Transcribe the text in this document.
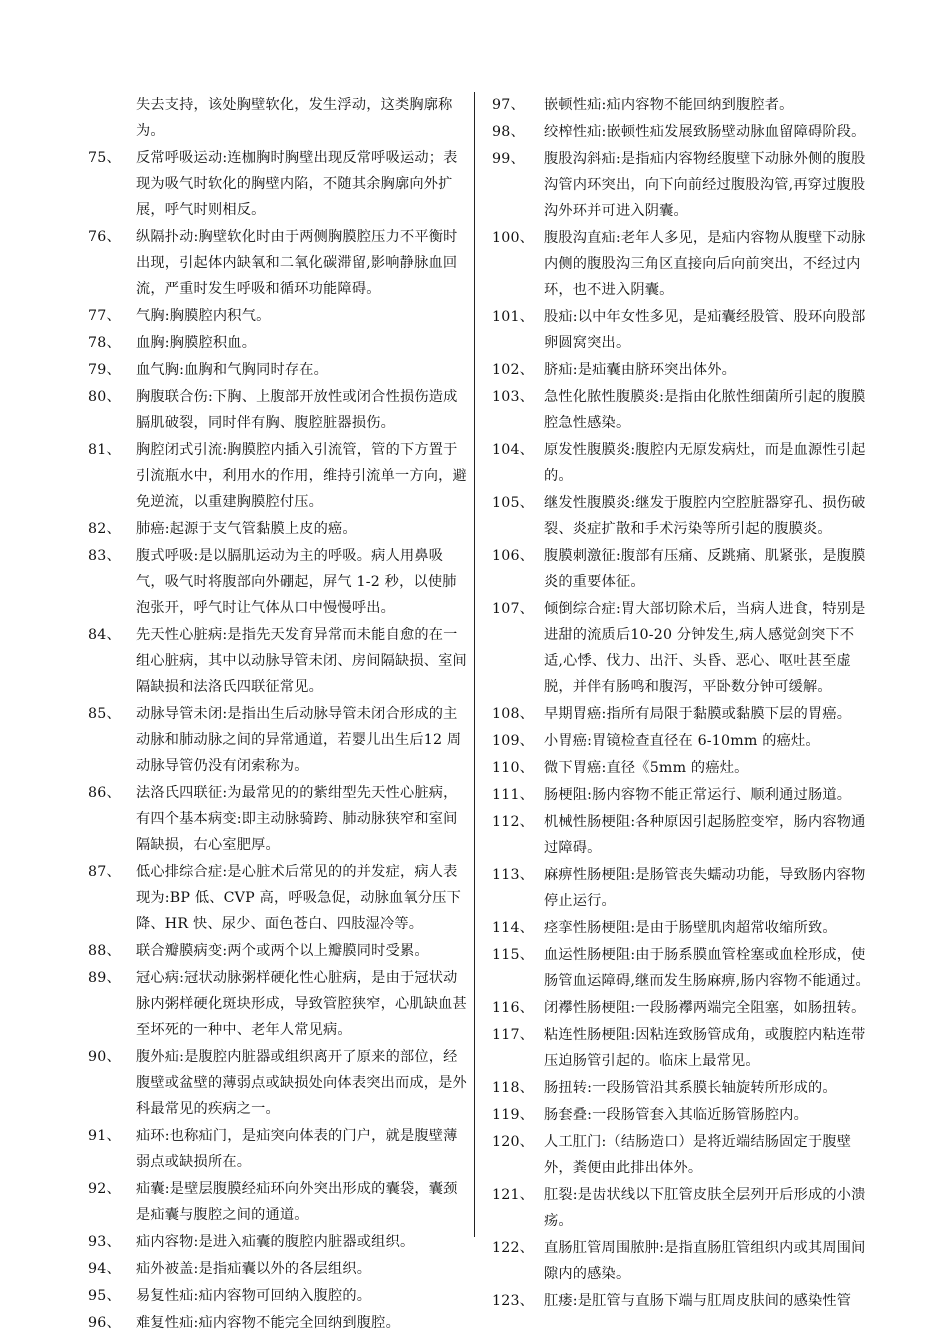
失去支持，该处胸壁软化，发生浮动，这类胸廓称为。
75、 反常呼吸运动:连枷胸时胸壁出现反常呼吸运动；表现为吸气时软化的胸壁内陷，不随其余胸廓向外扩展，呼气时则相反。
76、 纵隔扑动:胸壁软化时由于两侧胸膜腔压力不平衡时出现，引起体内缺氧和二氧化碳滞留,影响静脉血回流，严重时发生呼吸和循环功能障碍。
77、 气胸:胸膜腔内积气。
78、 血胸:胸膜腔积血。
79、 血气胸:血胸和气胸同时存在。
80、 胸腹联合伤:下胸、上腹部开放性或闭合性损伤造成膈肌破裂，同时伴有胸、腹腔脏器损伤。
81、 胸腔闭式引流:胸膜腔内插入引流管，管的下方置于引流瓶水中，利用水的作用，维持引流单一方向，避免逆流，以重建胸膜腔付压。
82、 肺癌:起源于支气管黏膜上皮的癌。
83、 腹式呼吸:是以膈肌运动为主的呼吸。病人用鼻吸气，吸气时将腹部向外硼起，屏气 1-2 秒，以使肺泡张开，呼气时让气体从口中慢慢呼出。
84、 先天性心脏病:是指先天发育异常而未能自愈的在一组心脏病，其中以动脉导管未闭、房间隔缺损、室间隔缺损和法洛氏四联征常见。
85、 动脉导管未闭:是指出生后动脉导管未闭合形成的主动脉和肺动脉之间的异常通道，若婴儿出生后12 周动脉导管仍没有闭索称为。
86、 法洛氏四联征:为最常见的的紫绀型先天性心脏病，有四个基本病变:即主动脉骑跨、肺动脉狭窄和室间隔缺损，右心室肥厚。
87、 低心排综合症:是心脏术后常见的的并发症，病人表现为:BP 低、CVP 高，呼吸急促，动脉血氧分压下降、HR 快、尿少、面色苍白、四肢湿冷等。
88、 联合瓣膜病变:两个或两个以上瓣膜同时受累。
89、 冠心病:冠状动脉粥样硬化性心脏病，是由于冠状动脉内粥样硬化斑块形成，导致管腔狭窄，心肌缺血甚至坏死的一种中、老年人常见病。
90、 腹外疝:是腹腔内脏器或组织离开了原来的部位，经腹壁或盆壁的薄弱点或缺损处向体表突出而成，是外科最常见的疾病之一。
91、 疝环:也称疝门，是疝突向体表的门户，就是腹壁薄弱点或缺损所在。
92、 疝囊:是壁层腹膜经疝环向外突出形成的囊袋，囊颈是疝囊与腹腔之间的通道。
93、 疝内容物:是进入疝囊的腹腔内脏器或组织。
94、 疝外被盖:是指疝囊以外的各层组织。
95、 易复性疝:疝内容物可回纳入腹腔的。
96、 难复性疝:疝内容物不能完全回纳到腹腔。
97、 嵌顿性疝:疝内容物不能回纳到腹腔者。
98、 绞榨性疝:嵌顿性疝发展致肠壁动脉血留障碍阶段。
99、 腹股沟斜疝:是指疝内容物经腹壁下动脉外侧的腹股沟管内环突出，向下向前经过腹股沟管,再穿过腹股沟外环并可进入阴囊。
100、 腹股沟直疝:老年人多见，是疝内容物从腹壁下动脉内侧的腹股沟三角区直接向后向前突出，不经过内环，也不进入阴囊。
101、 股疝:以中年女性多见，是疝囊经股管、股环向股部卵圆窝突出。
102、 脐疝:是疝囊由脐环突出体外。
103、 急性化脓性腹膜炎:是指由化脓性细菌所引起的腹膜腔急性感染。
104、 原发性腹膜炎:腹腔内无原发病灶，而是血源性引起的。
105、 继发性腹膜炎:继发于腹腔内空腔脏器穿孔、损伤破裂、炎症扩散和手术污染等所引起的腹膜炎。
106、 腹膜刺激征:腹部有压痛、反跳痛、肌紧张，是腹膜炎的重要体征。
107、 倾倒综合症:胃大部切除术后，当病人进食，特别是进甜的流质后10-20 分钟发生,病人感觉剑突下不适,心悸、伐力、出汗、头昏、恶心、呕吐甚至虚脱，并伴有肠鸣和腹泻，平卧数分钟可缓解。
108、 早期胃癌:指所有局限于黏膜或黏膜下层的胃癌。
109、 小胃癌:胃镜检查直径在 6-10mm 的癌灶。
110、 微下胃癌:直径《5mm 的癌灶。
111、 肠梗阻:肠内容物不能正常运行、顺利通过肠道。
112、 机械性肠梗阻:各种原因引起肠腔变窄，肠内容物通过障碍。
113、 麻痹性肠梗阻:是肠管丧失蠕动功能，导致肠内容物停止运行。
114、 痉挛性肠梗阻:是由于肠壁肌肉超常收缩所致。
115、 血运性肠梗阻:由于肠系膜血管栓塞或血栓形成，使肠管血运障碍,继而发生肠麻痹,肠内容物不能通过。
116、 闭襻性肠梗阻:一段肠襻两端完全阻塞，如肠扭转。
117、 粘连性肠梗阻:因粘连致肠管成角，或腹腔内粘连带压迫肠管引起的。临床上最常见。
118、 肠扭转:一段肠管沿其系膜长轴旋转所形成的。
119、 肠套叠:一段肠管套入其临近肠管肠腔内。
120、 人工肛门:（结肠造口）是将近端结肠固定于腹壁外，粪便由此排出体外。
121、 肛裂:是齿状线以下肛管皮肤全层列开后形成的小溃疡。
122、 直肠肛管周围脓肿:是指直肠肛管组织内或其周围间隙内的感染。
123、 肛瘘:是肛管与直肠下端与肛周皮肤间的感染性管
